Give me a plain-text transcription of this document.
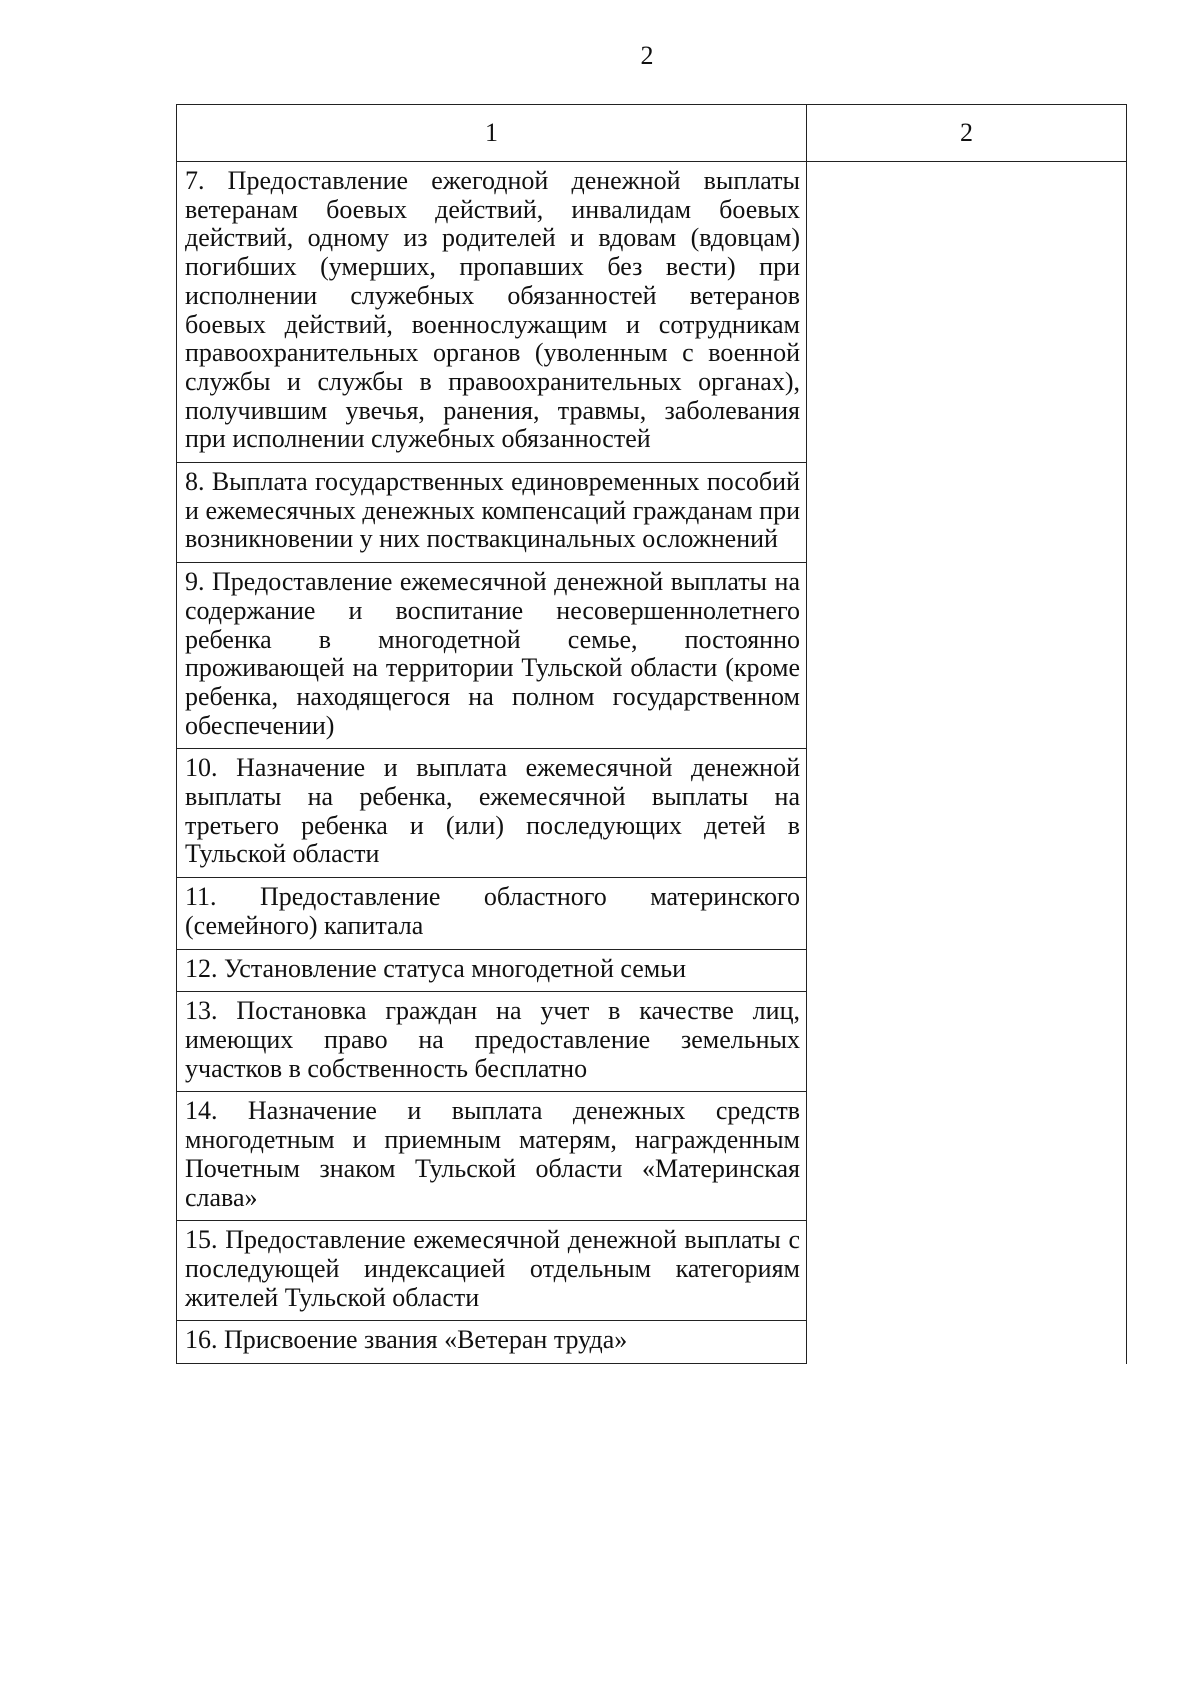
2
1	2

7. Предоставление ежегодной денежной выплаты ветеранам боевых действий, инвалидам боевых действий, одному из родителей и вдовам (вдовцам) погибших (умерших, пропавших без вести) при исполнении служебных обязанностей ветеранов боевых действий, военнослужащим и сотрудникам правоохранительных органов (уволенным с военной службы и службы в правоохранительных органах), получившим увечья, ранения, травмы, заболевания при исполнении служебных обязанностей	

8. Выплата государственных единовременных пособий и ежемесячных денежных компенсаций гражданам при возникновении у них поствакцинальных осложнений	

9. Предоставление ежемесячной денежной выплаты на содержание и воспитание несовершеннолетнего ребенка в многодетной семье, постоянно проживающей на территории Тульской области (кроме ребенка, находящегося на полном государственном обеспечении)	

10. Назначение и выплата ежемесячной денежной выплаты на ребенка, ежемесячной выплаты на третьего ребенка и (или) последующих детей в Тульской области	

11. Предоставление областного материнского (семейного) капитала	

12. Установление статуса многодетной семьи	

13. Постановка граждан на учет в качестве лиц, имеющих право на предоставление земельных участков в собственность бесплатно	

14. Назначение и выплата денежных средств многодетным и приемным матерям, награжденным Почетным знаком Тульской области «Материнская слава»	

15. Предоставление ежемесячной денежной выплаты с последующей индексацией отдельным категориям жителей Тульской области	

16. Присвоение звания «Ветеран труда»	
